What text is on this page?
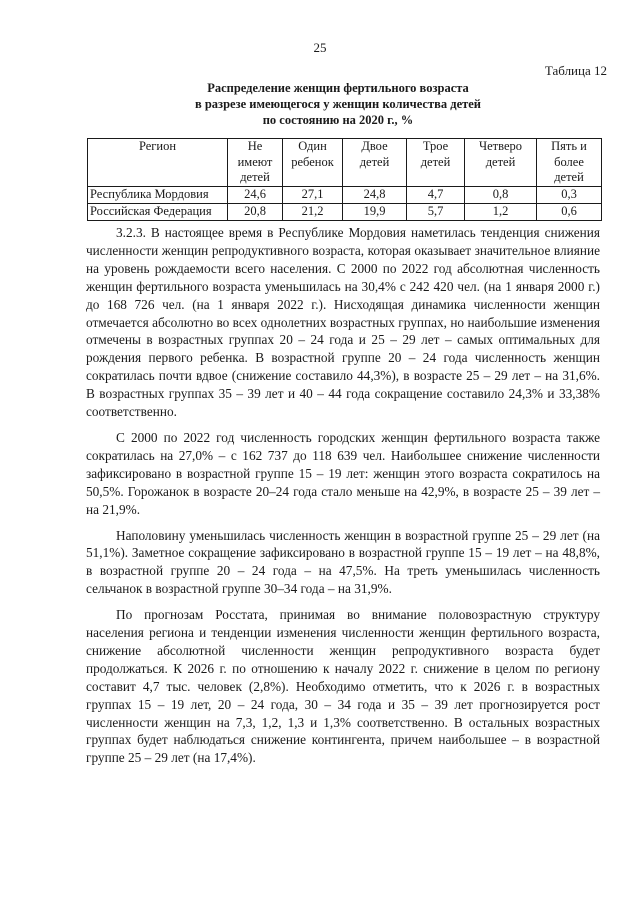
25
Таблица 12
Распределение женщин фертильного возраста
в разрезе имеющегося у женщин количества детей
по состоянию на 2020 г., %
Регион	Не имеют детей	Один ребенок	Двое детей	Трое детей	Четверо детей	Пять и более детей
Республика Мордовия	24,6	27,1	24,8	4,7	0,8	0,3
Российская Федерация	20,8	21,2	19,9	5,7	1,2	0,6

3.2.3. В настоящее время в Республике Мордовия наметилась тенденция снижения численности женщин репродуктивного возраста, которая оказывает значительное влияние на уровень рождаемости всего населения. С 2000 по 2022 год абсолютная численность женщин фертильного возраста уменьшилась на 30,4% с 242 420 чел. (на 1 января 2000 г.) до 168 726 чел. (на 1 января 2022 г.). Нисходящая динамика численности женщин отмечается абсолютно во всех однолетних возрастных группах, но наибольшие изменения отмечены в возрастных группах 20 – 24 года и 25 – 29 лет – самых оптимальных для рождения первого ребенка. В возрастной группе 20 – 24 года численность женщин сократилась почти вдвое (снижение составило 44,3%), в возрасте 25 – 29 лет – на 31,6%. В возрастных группах 35 – 39 лет и 40 – 44 года сокращение составило 24,3% и 33,38% соответственно.

С 2000 по 2022 год численность городских женщин фертильного возраста также сократилась на 27,0% – с 162 737 до 118 639 чел. Наибольшее снижение численности зафиксировано в возрастной группе 15 – 19 лет: женщин этого возраста сократилось на 50,5%. Горожанок в возрасте 20–24 года стало меньше на 42,9%, в возрасте 25 – 39 лет – на 21,9%.

Наполовину уменьшилась численность женщин в возрастной группе 25 – 29 лет (на 51,1%). Заметное сокращение зафиксировано в возрастной группе 15 – 19 лет – на 48,8%, в возрастной группе 20 – 24 года – на 47,5%. На треть уменьшилась численность сельчанок в возрастной группе 30–34 года – на 31,9%.

По прогнозам Росстата, принимая во внимание половозрастную структуру населения региона и тенденции изменения численности женщин фертильного возраста, снижение абсолютной численности женщин репродуктивного возраста будет продолжаться. К 2026 г. по отношению к началу 2022 г. снижение в целом по региону составит 4,7 тыс. человек (2,8%). Необходимо отметить, что к 2026 г. в возрастных группах 15 – 19 лет, 20 – 24 года, 30 – 34 года и 35 – 39 лет прогнозируется рост численности женщин на 7,3, 1,2, 1,3 и 1,3% соответственно. В остальных возрастных группах будет наблюдаться снижение контингента, причем наибольшее – в возрастной группе 25 – 29 лет (на 17,4%).
